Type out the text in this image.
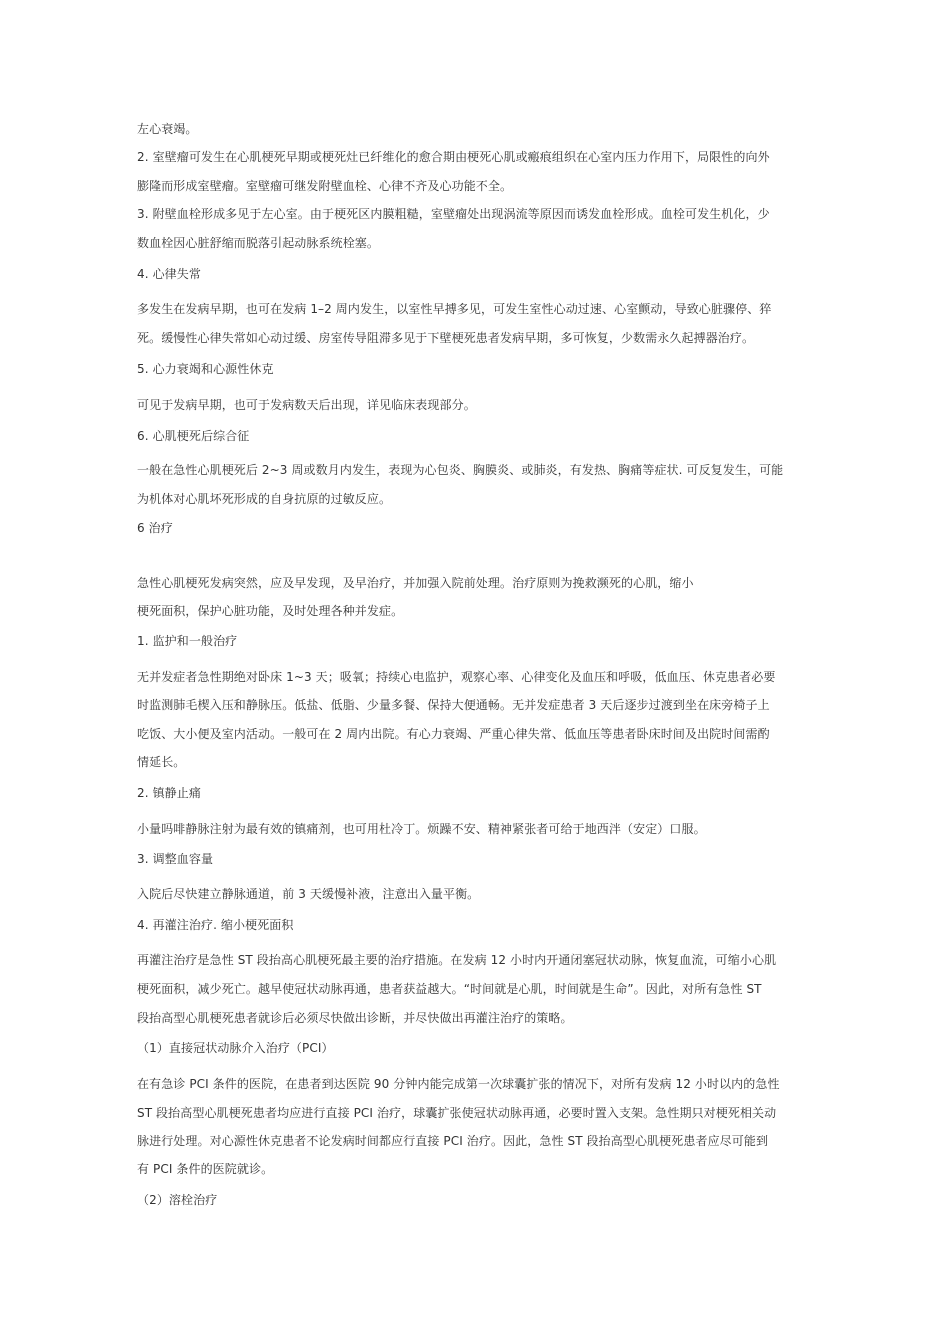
左心衰竭。
2. 室壁瘤可发生在心肌梗死早期或梗死灶已纤维化的愈合期由梗死心肌或瘢痕组织在心室内压力作用下，局限性的向外
膨隆而形成室壁瘤。室壁瘤可继发附壁血栓、心律不齐及心功能不全。
3. 附壁血栓形成多见于左心室。由于梗死区内膜粗糙，室壁瘤处出现涡流等原因而诱发血栓形成。血栓可发生机化，少
数血栓因心脏舒缩而脱落引起动脉系统栓塞。
4. 心律失常
多发生在发病早期，也可在发病 1–2 周内发生，以室性早搏多见，可发生室性心动过速、心室颤动，导致心脏骤停、猝
死。缓慢性心律失常如心动过缓、房室传导阻滞多见于下壁梗死患者发病早期，多可恢复，少数需永久起搏器治疗。
5. 心力衰竭和心源性休克
可见于发病早期，也可于发病数天后出现，详见临床表现部分。
6. 心肌梗死后综合征
一般在急性心肌梗死后 2~3 周或数月内发生，表现为心包炎、胸膜炎、或肺炎，有发热、胸痛等症状. 可反复发生，可能
为机体对心肌坏死形成的自身抗原的过敏反应。
6 治疗
急性心肌梗死发病突然，应及早发现，及早治疗，并加强入院前处理。治疗原则为挽救濒死的心肌，缩小
梗死面积，保护心脏功能，及时处理各种并发症。
1. 监护和一般治疗
无并发症者急性期绝对卧床 1~3 天；吸氧；持续心电监护，观察心率、心律变化及血压和呼吸，低血压、休克患者必要
时监测肺毛楔入压和静脉压。低盐、低脂、少量多餐、保持大便通畅。无并发症患者 3 天后逐步过渡到坐在床旁椅子上
吃饭、大小便及室内活动。一般可在 2 周内出院。有心力衰竭、严重心律失常、低血压等患者卧床时间及出院时间需酌
情延长。
2. 镇静止痛
小量吗啡静脉注射为最有效的镇痛剂，也可用杜冷丁。烦躁不安、精神紧张者可给于地西泮（安定）口服。
3. 调整血容量
入院后尽快建立静脉通道，前 3 天缓慢补液，注意出入量平衡。
4. 再灌注治疗. 缩小梗死面积
再灌注治疗是急性 ST 段抬高心肌梗死最主要的治疗措施。在发病 12 小时内开通闭塞冠状动脉，恢复血流，可缩小心肌
梗死面积，减少死亡。越早使冠状动脉再通，患者获益越大。“时间就是心肌，时间就是生命”。因此，对所有急性 ST
段抬高型心肌梗死患者就诊后必须尽快做出诊断，并尽快做出再灌注治疗的策略。
（1）直接冠状动脉介入治疗（PCI）
在有急诊 PCI 条件的医院，在患者到达医院 90 分钟内能完成第一次球囊扩张的情况下，对所有发病 12 小时以内的急性
ST 段抬高型心肌梗死患者均应进行直接 PCI 治疗，球囊扩张使冠状动脉再通，必要时置入支架。急性期只对梗死相关动
脉进行处理。对心源性休克患者不论发病时间都应行直接 PCI 治疗。因此，急性 ST 段抬高型心肌梗死患者应尽可能到
有 PCI 条件的医院就诊。
（2）溶栓治疗
